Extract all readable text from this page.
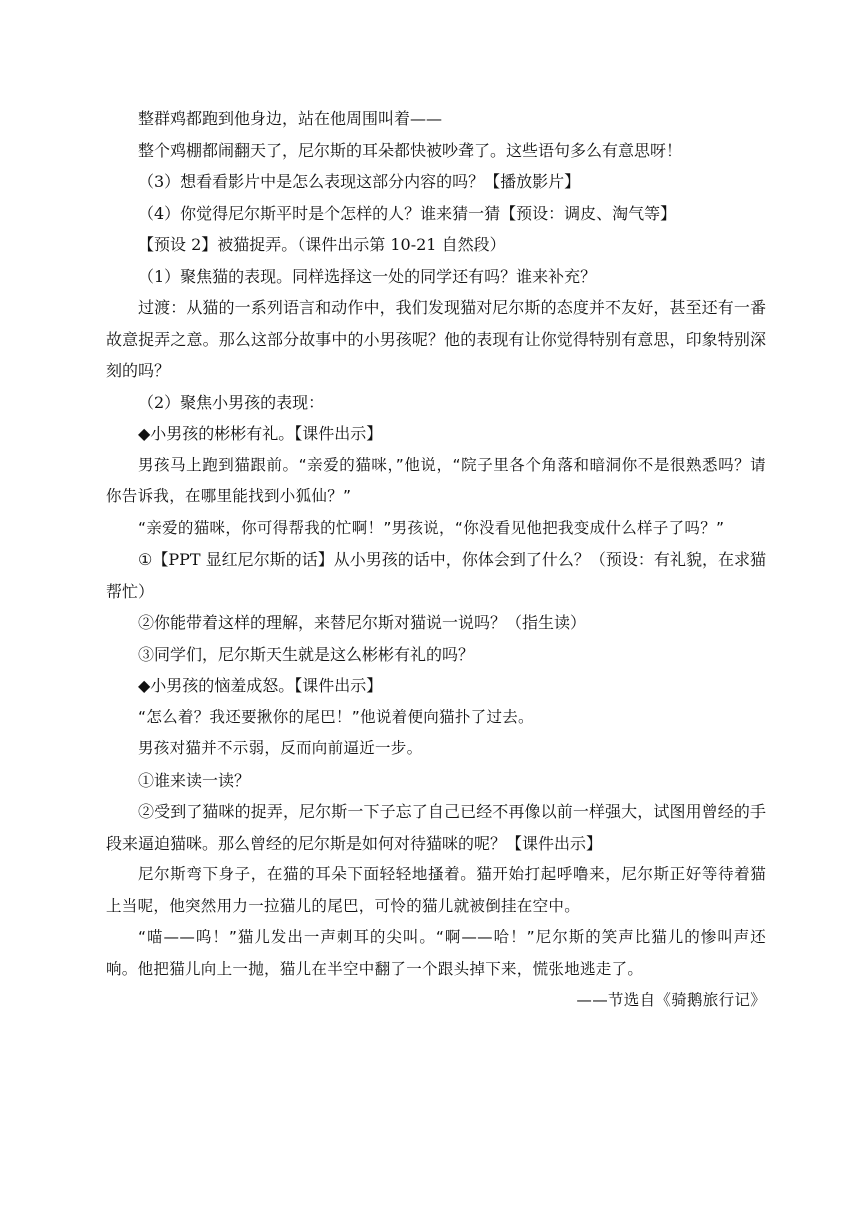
整群鸡都跑到他身边，站在他周围叫着——
整个鸡棚都闹翻天了，尼尔斯的耳朵都快被吵聋了。这些语句多么有意思呀！
（3）想看看影片中是怎么表现这部分内容的吗？【播放影片】
（4）你觉得尼尔斯平时是个怎样的人？谁来猜一猜【预设：调皮、淘气等】
【预设 2】被猫捉弄。（课件出示第 10-21 自然段）
（1）聚焦猫的表现。同样选择这一处的同学还有吗？谁来补充？
过渡：从猫的一系列语言和动作中，我们发现猫对尼尔斯的态度并不友好，甚至还有一番故意捉弄之意。那么这部分故事中的小男孩呢？他的表现有让你觉得特别有意思，印象特别深刻的吗？
（2）聚焦小男孩的表现：
◆小男孩的彬彬有礼。【课件出示】
男孩马上跑到猫跟前。“亲爱的猫咪，”他说，“院子里各个角落和暗洞你不是很熟悉吗？请你告诉我，在哪里能找到小狐仙？”
“亲爱的猫咪，你可得帮我的忙啊！”男孩说，“你没看见他把我变成什么样子了吗？”
①【PPT 显红尼尔斯的话】从小男孩的话中，你体会到了什么？（预设：有礼貌，在求猫帮忙）
②你能带着这样的理解，来替尼尔斯对猫说一说吗？（指生读）
③同学们，尼尔斯天生就是这么彬彬有礼的吗？
◆小男孩的恼羞成怒。【课件出示】
“怎么着？我还要揪你的尾巴！”他说着便向猫扑了过去。
男孩对猫并不示弱，反而向前逼近一步。
①谁来读一读？
②受到了猫咪的捉弄，尼尔斯一下子忘了自己已经不再像以前一样强大，试图用曾经的手段来逼迫猫咪。那么曾经的尼尔斯是如何对待猫咪的呢？【课件出示】
尼尔斯弯下身子，在猫的耳朵下面轻轻地搔着。猫开始打起呼噜来，尼尔斯正好等待着猫上当呢，他突然用力一拉猫儿的尾巴，可怜的猫儿就被倒挂在空中。
“喵——呜！”猫儿发出一声刺耳的尖叫。“啊——哈！”尼尔斯的笑声比猫儿的惨叫声还响。他把猫儿向上一抛，猫儿在半空中翻了一个跟头掉下来，慌张地逃走了。
——节选自《骑鹅旅行记》
